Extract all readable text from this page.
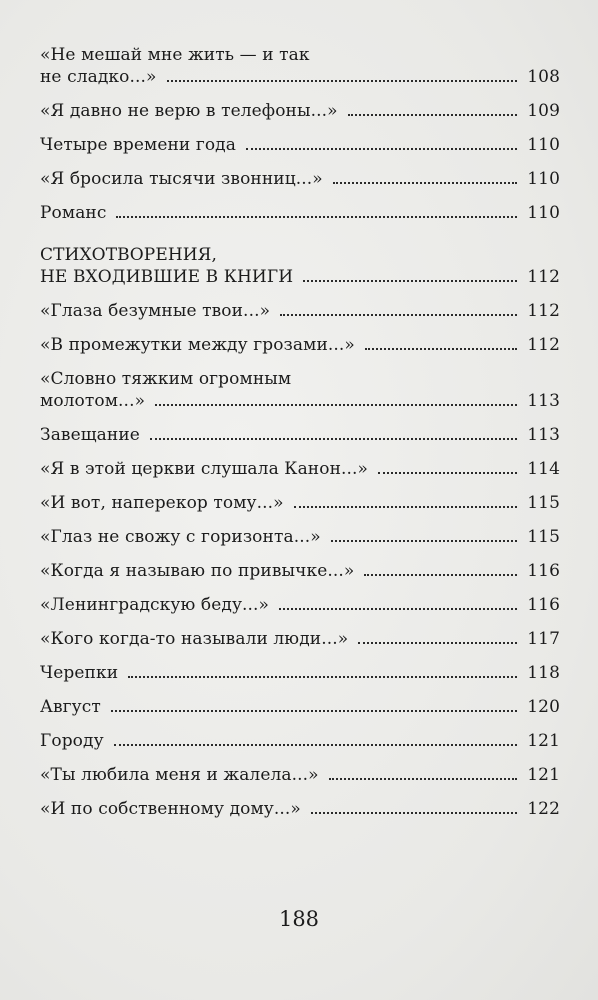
«Не мешай мне жить — и так
не сладко...»	108
«Я давно не верю в телефоны...»	109
Четыре времени года	110
«Я бросила тысячи звонниц...»	110
Романс	110
СТИХОТВОРЕНИЯ,
НЕ ВХОДИВШИЕ В КНИГИ	112
«Глаза безумные твои...»	112
«В промежутки между грозами...»	112
«Словно тяжким огромным
молотом...»	113
Завещание	113
«Я в этой церкви слушала Канон...»	114
«И вот, наперекор тому...»	115
«Глаз не свожу с горизонта...»	115
«Когда я называю по привычке...»	116
«Ленинградскую беду...»	116
«Кого когда-то называли люди...»	117
Черепки	118
Август	120
Городу	121
«Ты любила меня и жалела...»	121
«И по собственному дому...»	122
188
